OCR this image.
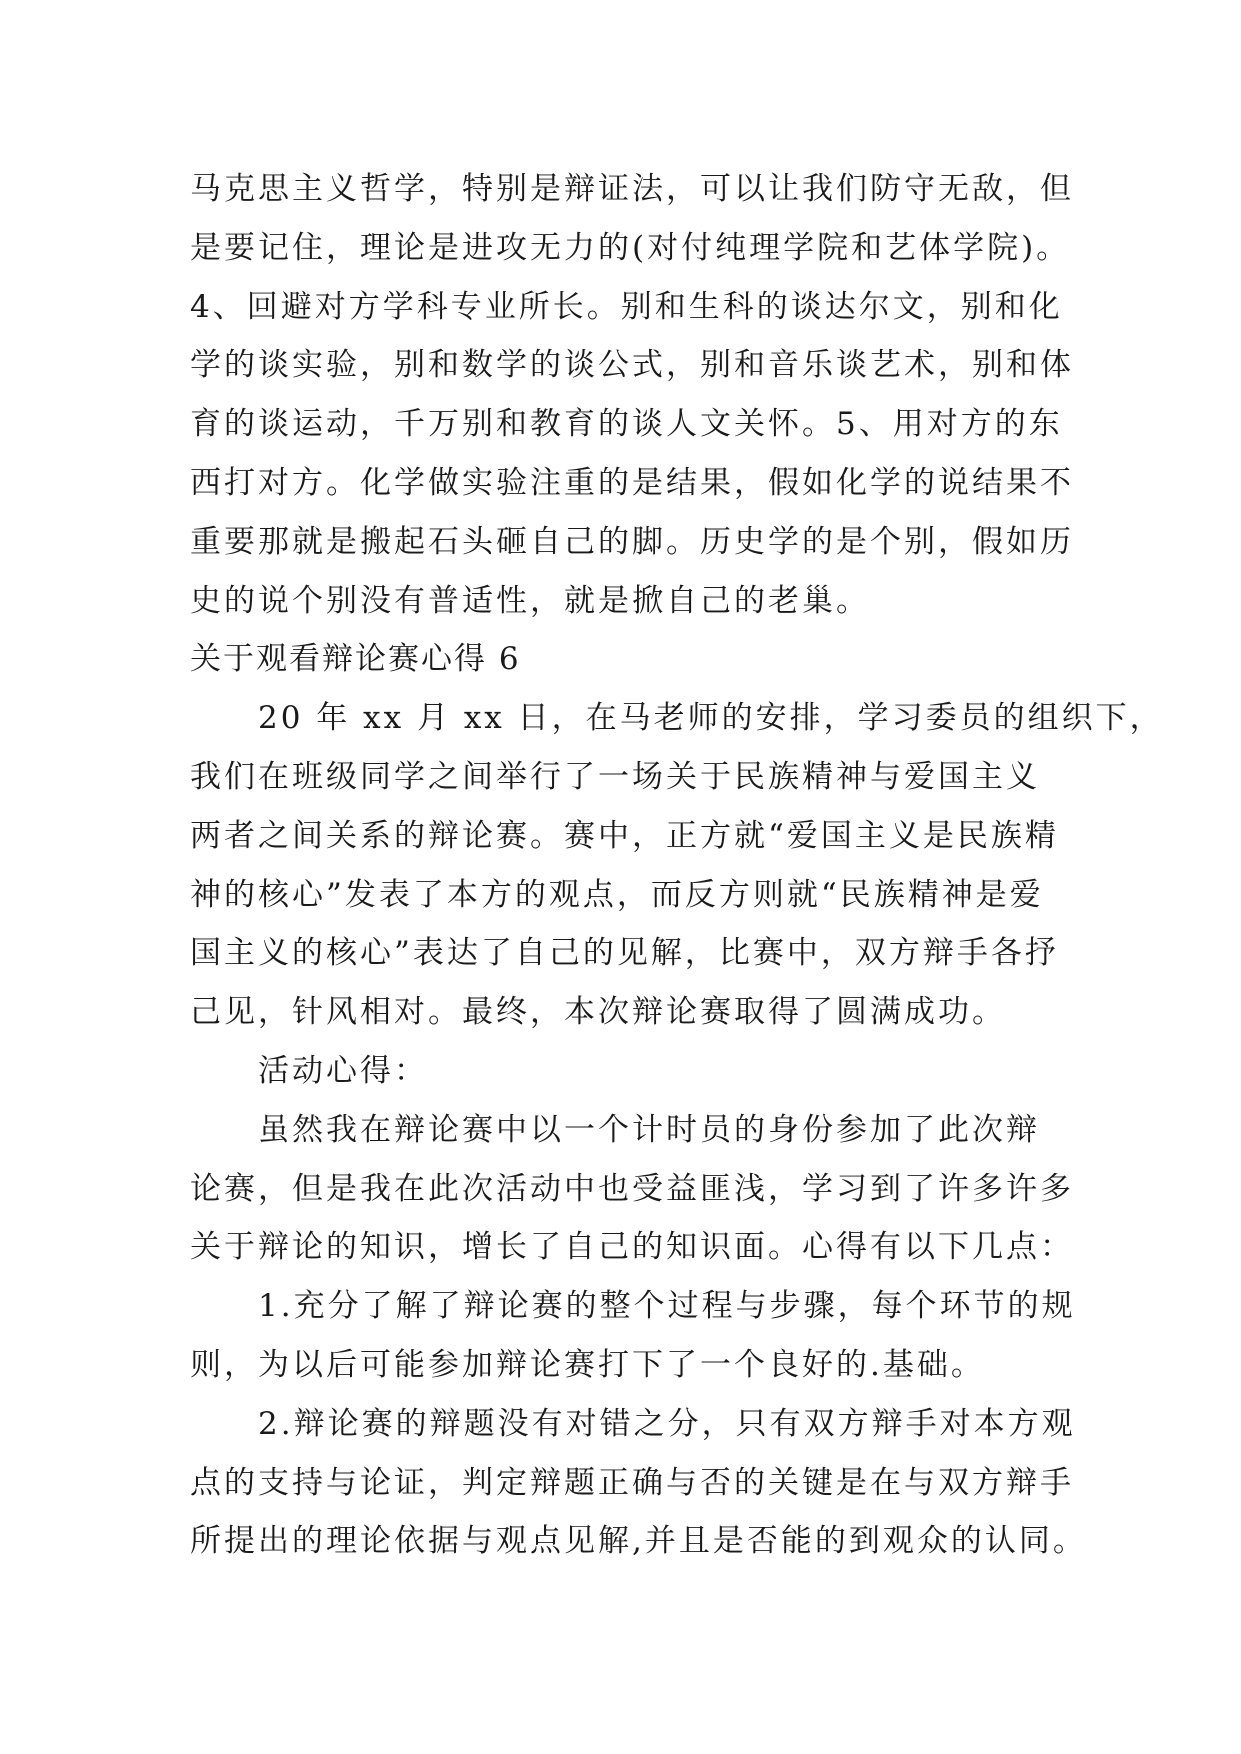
马克思主义哲学，特别是辩证法，可以让我们防守无敌，但
是要记住，理论是进攻无力的(对付纯理学院和艺体学院)。
4、回避对方学科专业所长。别和生科的谈达尔文，别和化
学的谈实验，别和数学的谈公式，别和音乐谈艺术，别和体
育的谈运动，千万别和教育的谈人文关怀。5、用对方的东
西打对方。化学做实验注重的是结果，假如化学的说结果不
重要那就是搬起石头砸自己的脚。历史学的是个别，假如历
史的说个别没有普适性，就是掀自己的老巢。
关于观看辩论赛心得 6
　　20 年 xx 月 xx 日，在马老师的安排，学习委员的组织下，
我们在班级同学之间举行了一场关于民族精神与爱国主义
两者之间关系的辩论赛。赛中，正方就“爱国主义是民族精
神的核心”发表了本方的观点，而反方则就“民族精神是爱
国主义的核心”表达了自己的见解，比赛中，双方辩手各抒
己见，针风相对。最终，本次辩论赛取得了圆满成功。
　　活动心得：
　　虽然我在辩论赛中以一个计时员的身份参加了此次辩
论赛，但是我在此次活动中也受益匪浅，学习到了许多许多
关于辩论的知识，增长了自己的知识面。心得有以下几点：
　　1.充分了解了辩论赛的整个过程与步骤，每个环节的规
则，为以后可能参加辩论赛打下了一个良好的.基础。
　　2.辩论赛的辩题没有对错之分，只有双方辩手对本方观
点的支持与论证，判定辩题正确与否的关键是在与双方辩手
所提出的理论依据与观点见解,并且是否能的到观众的认同。
